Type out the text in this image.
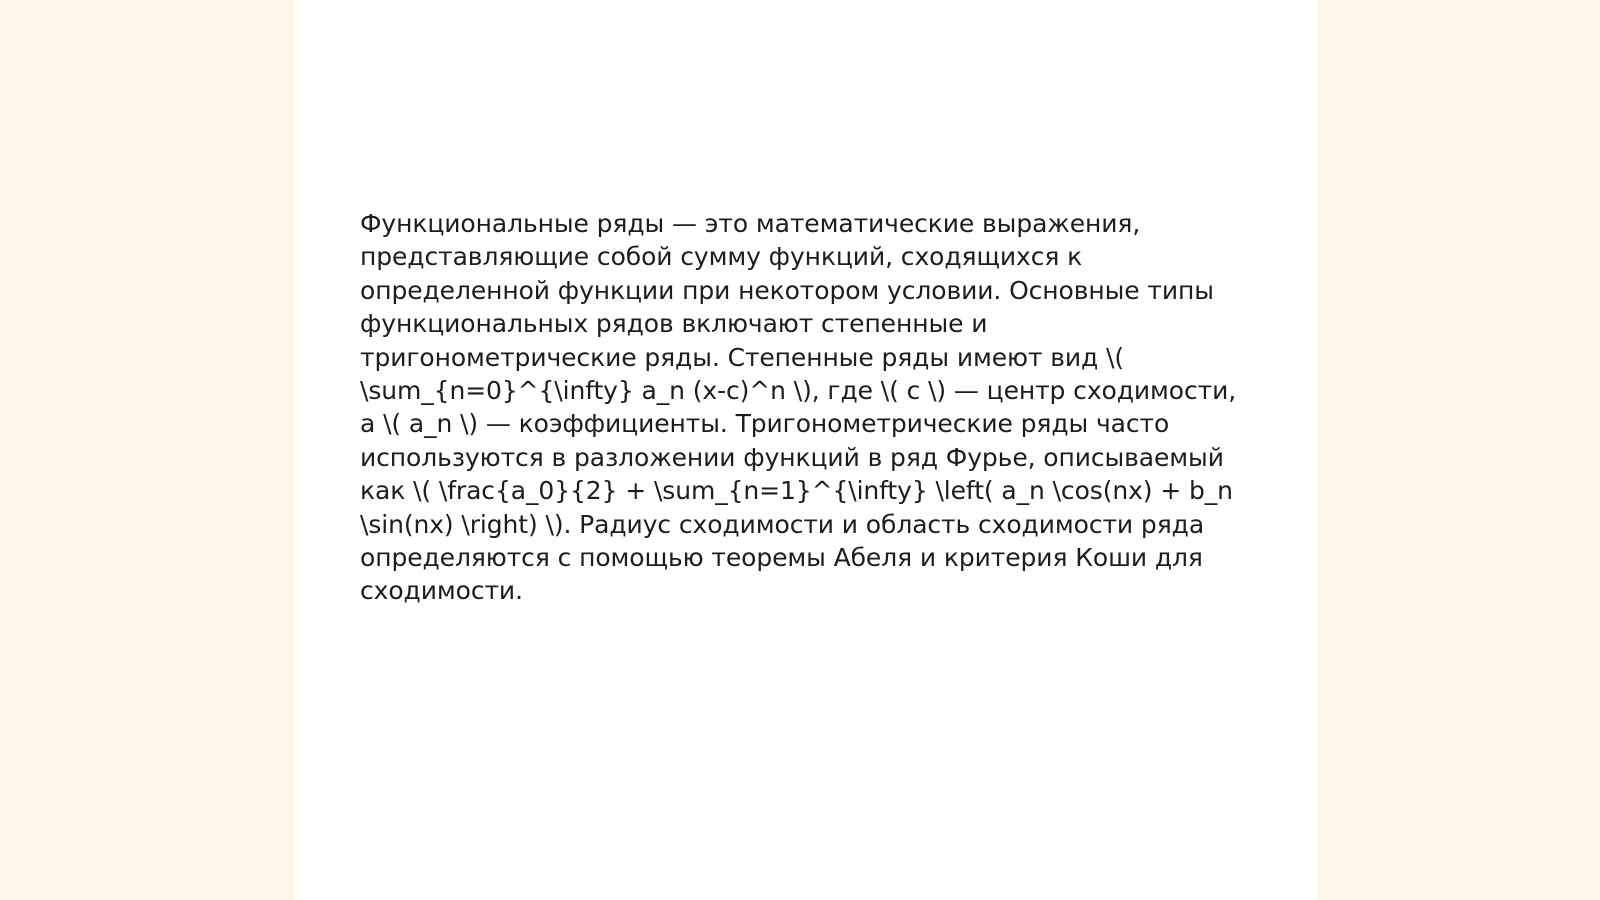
Функциональные ряды — это математические выражения, представляющие собой сумму функций, сходящихся к определенной функции при некотором условии. Основные типы функциональных рядов включают степенные и тригонометрические ряды. Степенные ряды имеют вид \( \sum_{n=0}^{\infty} a_n (x-c)^n \), где \( c \) — центр сходимости, а \( a_n \) — коэффициенты. Тригонометрические ряды часто используются в разложении функций в ряд Фурье, описываемый как \( \frac{a_0}{2} + \sum_{n=1}^{\infty} \left( a_n \cos(nx) + b_n \sin(nx) \right) \). Радиус сходимости и область сходимости ряда определяются с помощью теоремы Абеля и критерия Коши для сходимости.
